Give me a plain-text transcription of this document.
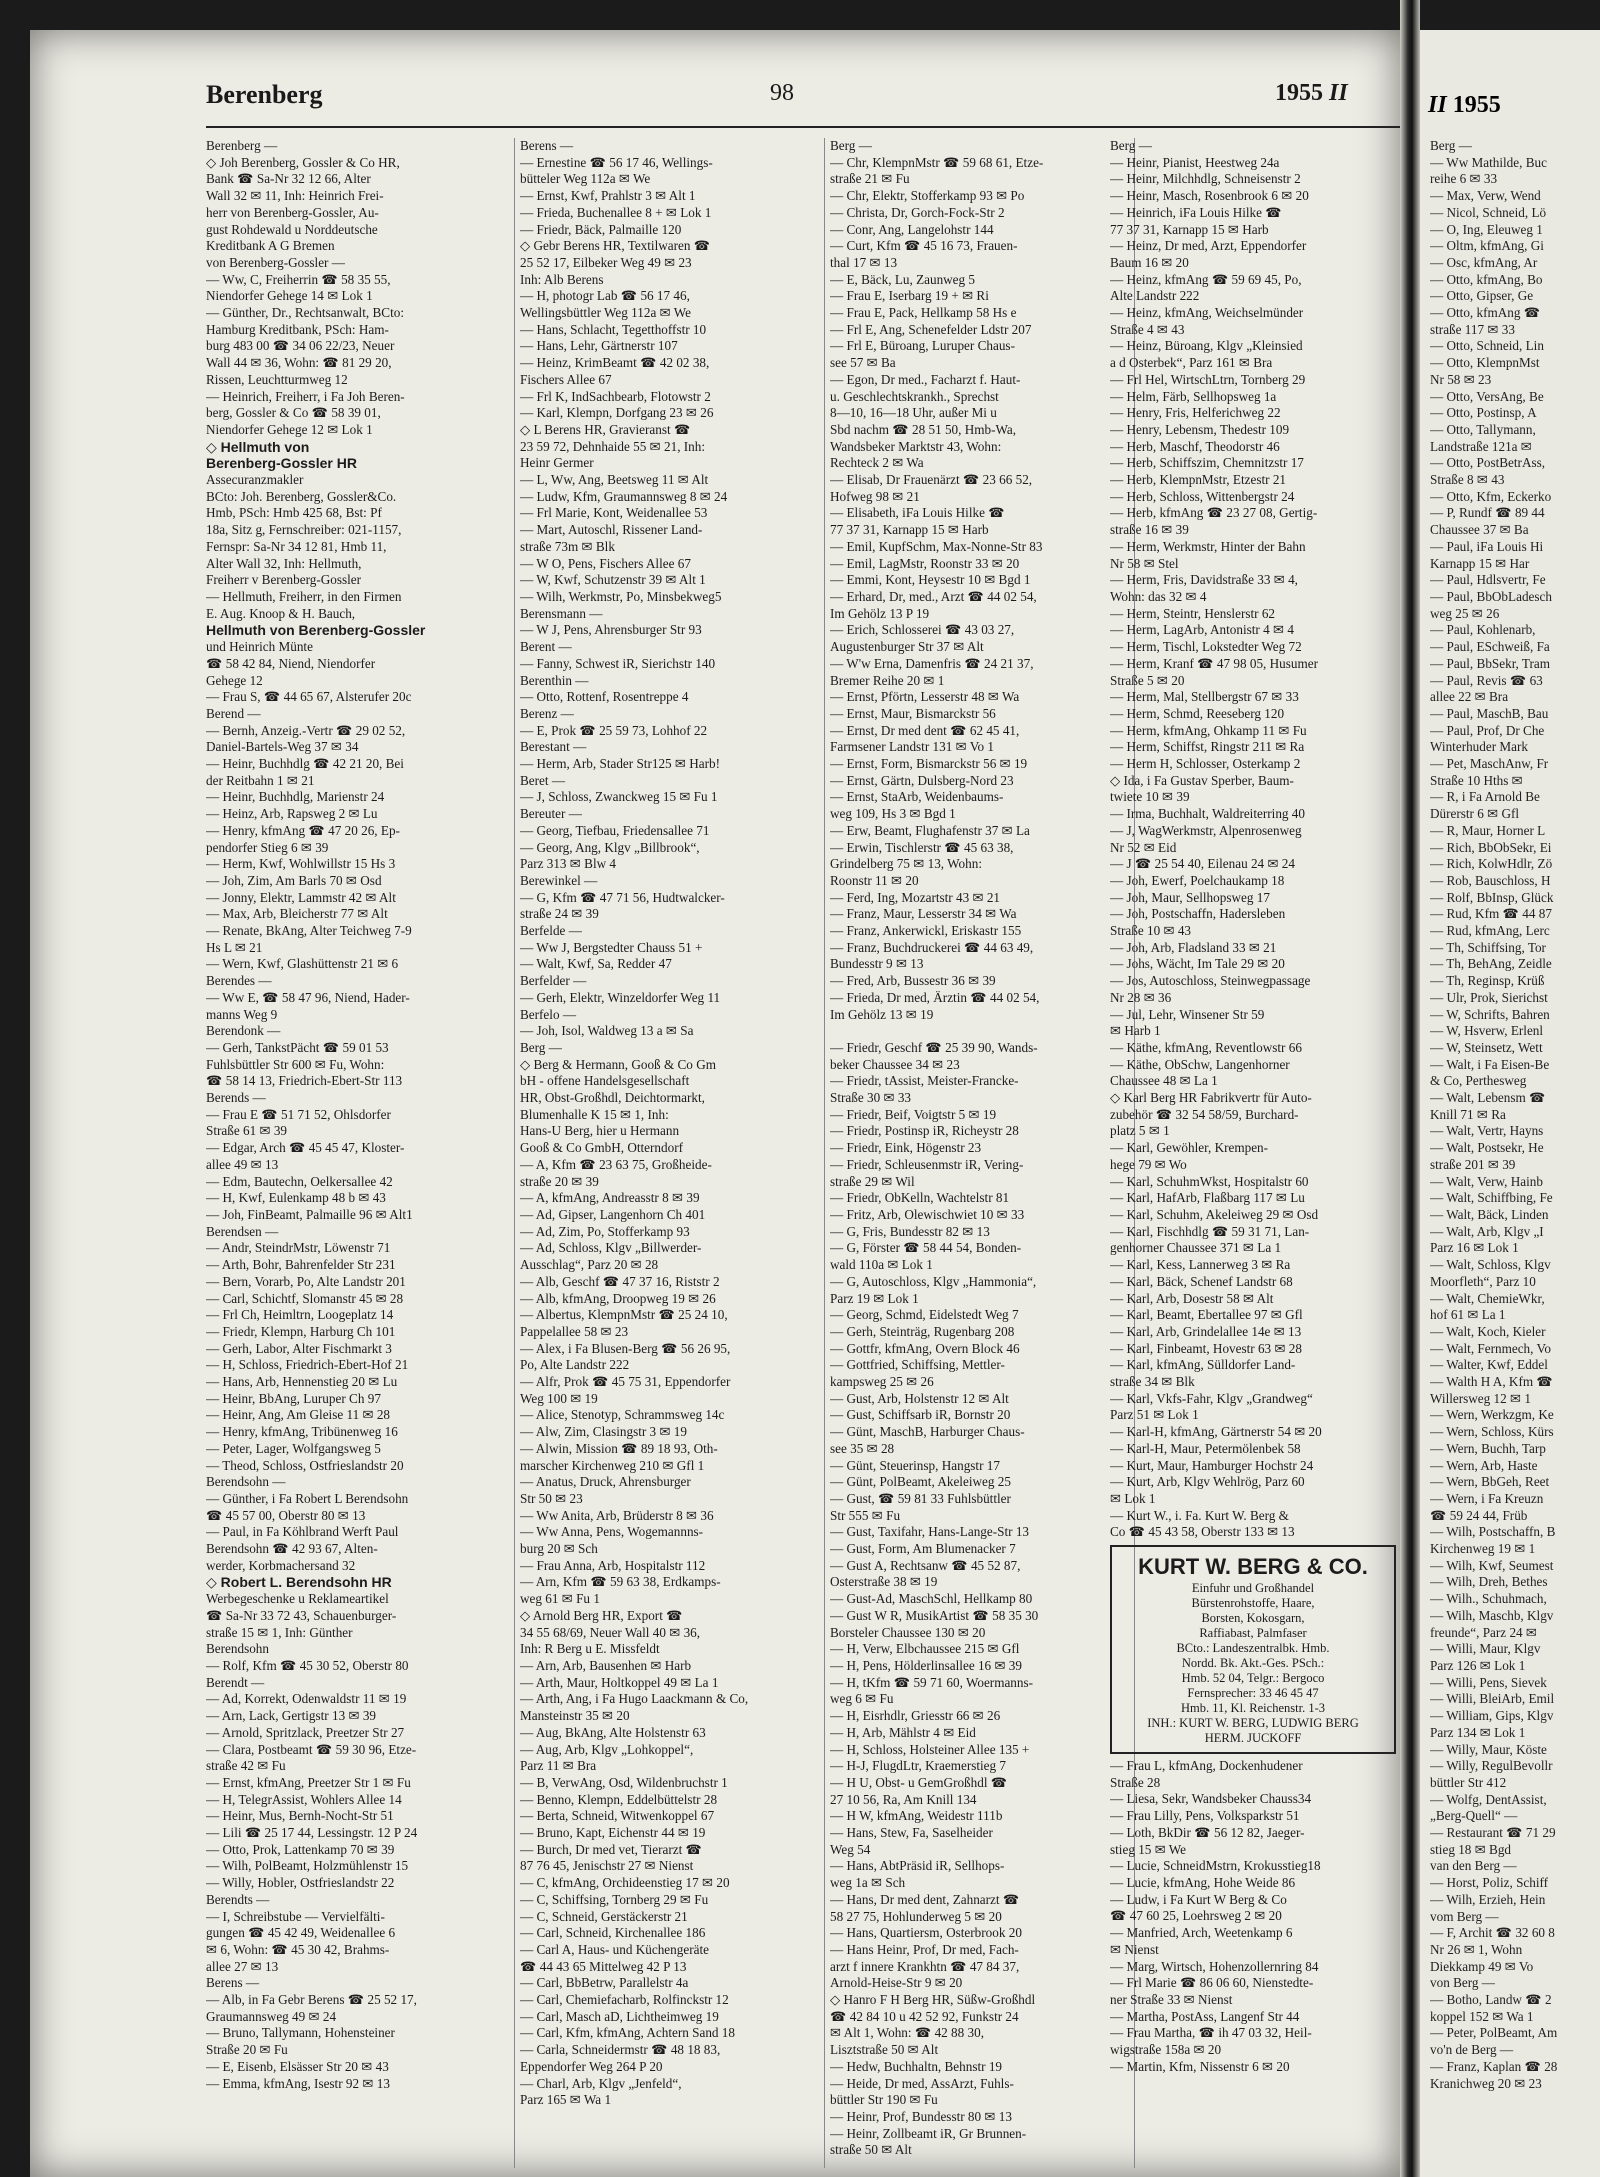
Berenberg	98	1955 II
Berenberg —
◇ Joh Berenberg, Gossler & Co HR,
Bank ☎ Sa-Nr 32 12 66, Alter
Wall 32 ✉ 11, Inh: Heinrich Frei-
herr von Berenberg-Gossler, Au-
gust Rohdewald u Norddeutsche
Kreditbank A G Bremen
von Berenberg-Gossler —
— Ww, C, Freiherrin ☎ 58 35 55,
Niendorfer Gehege 14 ✉ Lok 1
— Günther, Dr., Rechtsanwalt, BCto:
Hamburg Kreditbank, PSch: Ham-
burg 483 00 ☎ 34 06 22/23, Neuer
Wall 44 ✉ 36, Wohn: ☎ 81 29 20,
Rissen, Leuchtturmweg 12
— Heinrich, Freiherr, i Fa Joh Beren-
berg, Gossler & Co ☎ 58 39 01,
Niendorfer Gehege 12 ✉ Lok 1
◇ Hellmuth von
Berenberg-Gossler HR
Assecuranzmakler
BCto: Joh. Berenberg, Gossler&Co.
Hmb, PSch: Hmb 425 68, Bst: Pf
18a, Sitz g, Fernschreiber: 021-1157,
Fernspr: Sa-Nr 34 12 81, Hmb 11,
Alter Wall 32, Inh: Hellmuth,
Freiherr v Berenberg-Gossler
— Hellmuth, Freiherr, in den Firmen
E. Aug. Knoop & H. Bauch,
Hellmuth von Berenberg-Gossler
und Heinrich Münte
☎ 58 42 84, Niend, Niendorfer
Gehege 12
— Frau S, ☎ 44 65 67, Alsterufer 20c
Berend —
— Bernh, Anzeig.-Vertr ☎ 29 02 52,
Daniel-Bartels-Weg 37 ✉ 34
— Heinr, Buchhdlg ☎ 42 21 20, Bei
der Reitbahn 1 ✉ 21
— Heinr, Buchhdlg, Marienstr 24
— Heinz, Arb, Rapsweg 2 ✉ Lu
— Henry, kfmAng ☎ 47 20 26, Ep-
pendorfer Stieg 6 ✉ 39
— Herm, Kwf, Wohlwillstr 15 Hs 3
— Joh, Zim, Am Barls 70 ✉ Osd
— Jonny, Elektr, Lammstr 42 ✉ Alt
— Max, Arb, Bleicherstr 77 ✉ Alt
— Renate, BkAng, Alter Teichweg 7-9
Hs L ✉ 21
— Wern, Kwf, Glashüttenstr 21 ✉ 6
Berendes —
— Ww E, ☎ 58 47 96, Niend, Hader-
manns Weg 9
Berendonk —
— Gerh, TankstPächt ☎ 59 01 53
Fuhlsbüttler Str 600 ✉ Fu, Wohn:
☎ 58 14 13, Friedrich-Ebert-Str 113
Berends —
— Frau E ☎ 51 71 52, Ohlsdorfer
Straße 61 ✉ 39
— Edgar, Arch ☎ 45 45 47, Kloster-
allee 49 ✉ 13
— Edm, Bautechn, Oelkersallee 42
— H, Kwf, Eulenkamp 48 b ✉ 43
— Joh, FinBeamt, Palmaille 96 ✉ Alt1
Berendsen —
— Andr, SteindrMstr, Löwenstr 71
— Arth, Bohr, Bahrenfelder Str 231
— Bern, Vorarb, Po, Alte Landstr 201
— Carl, Schichtf, Slomanstr 45 ✉ 28
— Frl Ch, Heimltrn, Loogeplatz 14
— Friedr, Klempn, Harburg Ch 101
— Gerh, Labor, Alter Fischmarkt 3
— H, Schloss, Friedrich-Ebert-Hof 21
— Hans, Arb, Hennenstieg 20 ✉ Lu
— Heinr, BbAng, Luruper Ch 97
— Heinr, Ang, Am Gleise 11 ✉ 28
— Henry, kfmAng, Tribünenweg 16
— Peter, Lager, Wolfgangsweg 5
— Theod, Schloss, Ostfrieslandstr 20
Berendsohn —
— Günther, i Fa Robert L Berendsohn
☎ 45 57 00, Oberstr 80 ✉ 13
— Paul, in Fa Köhlbrand Werft Paul
Berendsohn ☎ 42 93 67, Alten-
werder, Korbmachersand 32
◇ Robert L. Berendsohn HR
Werbegeschenke u Reklameartikel
☎ Sa-Nr 33 72 43, Schauenburger-
straße 15 ✉ 1, Inh: Günther
Berendsohn
— Rolf, Kfm ☎ 45 30 52, Oberstr 80
Berendt —
— Ad, Korrekt, Odenwaldstr 11 ✉ 19
— Arn, Lack, Gertigstr 13 ✉ 39
— Arnold, Spritzlack, Preetzer Str 27
— Clara, Postbeamt ☎ 59 30 96, Etze-
straße 42 ✉ Fu
— Ernst, kfmAng, Preetzer Str 1 ✉ Fu
— H, TelegrAssist, Wohlers Allee 14
— Heinr, Mus, Bernh-Nocht-Str 51
— Lili ☎ 25 17 44, Lessingstr. 12 P 24
— Otto, Prok, Lattenkamp 70 ✉ 39
— Wilh, PolBeamt, Holzmühlenstr 15
— Willy, Hobler, Ostfrieslandstr 22
Berendts —
— I, Schreibstube — Vervielfälti-
gungen ☎ 45 42 49, Weidenallee 6
✉ 6, Wohn: ☎ 45 30 42, Brahms-
allee 27 ✉ 13
Berens —
— Alb, in Fa Gebr Berens ☎ 25 52 17,
Graumannsweg 49 ✉ 24
— Bruno, Tallymann, Hohensteiner
Straße 20 ✉ Fu
— E, Eisenb, Elsässer Str 20 ✉ 43
— Emma, kfmAng, Isestr 92 ✉ 13
Berens —
— Ernestine ☎ 56 17 46, Wellings-
bütteler Weg 112a ✉ We
— Ernst, Kwf, Prahlstr 3 ✉ Alt 1
— Frieda, Buchenallee 8 + ✉ Lok 1
— Friedr, Bäck, Palmaille 120
◇ Gebr Berens HR, Textilwaren ☎
25 52 17, Eilbeker Weg 49 ✉ 23
Inh: Alb Berens
— H, photogr Lab ☎ 56 17 46,
Wellingsbüttler Weg 112a ✉ We
— Hans, Schlacht, Tegetthoffstr 10
— Hans, Lehr, Gärtnerstr 107
— Heinz, KrimBeamt ☎ 42 02 38,
Fischers Allee 67
— Frl K, IndSachbearb, Flotowstr 2
— Karl, Klempn, Dorfgang 23 ✉ 26
◇ L Berens HR, Gravieranst ☎
23 59 72, Dehnhaide 55 ✉ 21, Inh:
Heinr Germer
— L, Ww, Ang, Beetsweg 11 ✉ Alt
— Ludw, Kfm, Graumannsweg 8 ✉ 24
— Frl Marie, Kont, Weidenallee 53
— Mart, Autoschl, Rissener Land-
straße 73m ✉ Blk
— W O, Pens, Fischers Allee 67
— W, Kwf, Schutzenstr 39 ✉ Alt 1
— Wilh, Werkmstr, Po, Minsbekweg5
Berensmann —
— W J, Pens, Ahrensburger Str 93
Berent —
— Fanny, Schwest iR, Sierichstr 140
Berenthin —
— Otto, Rottenf, Rosentreppe 4
Berenz —
— E, Prok ☎ 25 59 73, Lohhof 22
Berestant —
— Herm, Arb, Stader Str125 ✉ Harb!
Beret —
— J, Schloss, Zwanckweg 15 ✉ Fu 1
Bereuter —
— Georg, Tiefbau, Friedensallee 71
— Georg, Ang, Klgv „Billbrook“,
Parz 313 ✉ Blw 4
Berewinkel —
— G, Kfm ☎ 47 71 56, Hudtwalcker-
straße 24 ✉ 39
Berfelde —
— Ww J, Bergstedter Chauss 51 +
— Walt, Kwf, Sa, Redder 47
Berfelder —
— Gerh, Elektr, Winzeldorfer Weg 11
Berfelo —
— Joh, Isol, Waldweg 13 a ✉ Sa
Berg —
◇ Berg & Hermann, Gooß & Co Gm
bH - offene Handelsgesellschaft
HR, Obst-Großhdl, Deichtormarkt,
Blumenhalle K 15 ✉ 1, Inh:
Hans-U Berg, hier u Hermann
Gooß & Co GmbH, Otterndorf
— A, Kfm ☎ 23 63 75, Großheide-
straße 20 ✉ 39
— A, kfmAng, Andreasstr 8 ✉ 39
— Ad, Gipser, Langenhorn Ch 401
— Ad, Zim, Po, Stofferkamp 93
— Ad, Schloss, Klgv „Billwerder-
Ausschlag“, Parz 20 ✉ 28
— Alb, Geschf ☎ 47 37 16, Riststr 2
— Alb, kfmAng, Droopweg 19 ✉ 26
— Albertus, KlempnMstr ☎ 25 24 10,
Pappelallee 58 ✉ 23
— Alex, i Fa Blusen-Berg ☎ 56 26 95,
Po, Alte Landstr 222
— Alfr, Prok ☎ 45 75 31, Eppendorfer
Weg 100 ✉ 19
— Alice, Stenotyp, Schrammsweg 14c
— Alw, Zim, Clasingstr 3 ✉ 19
— Alwin, Mission ☎ 89 18 93, Oth-
marscher Kirchenweg 210 ✉ Gfl 1
— Anatus, Druck, Ahrensburger
Str 50 ✉ 23
— Ww Anita, Arb, Brüderstr 8 ✉ 36
— Ww Anna, Pens, Wogemannns-
burg 20 ✉ Sch
— Frau Anna, Arb, Hospitalstr 112
— Arn, Kfm ☎ 59 63 38, Erdkamps-
weg 61 ✉ Fu 1
◇ Arnold Berg HR, Export ☎
34 55 68/69, Neuer Wall 40 ✉ 36,
Inh: R Berg u E. Missfeldt
— Arn, Arb, Bausenhen ✉ Harb
— Arth, Maur, Holtkoppel 49 ✉ La 1
— Arth, Ang, i Fa Hugo Laackmann & Co,
Mansteinstr 35 ✉ 20
— Aug, BkAng, Alte Holstenstr 63
— Aug, Arb, Klgv „Lohkoppel“,
Parz 11 ✉ Bra
— B, VerwAng, Osd, Wildenbruchstr 1
— Benno, Klempn, Eddelbüttelstr 28
— Berta, Schneid, Witwenkoppel 67
— Bruno, Kapt, Eichenstr 44 ✉ 19
— Burch, Dr med vet, Tierarzt ☎
87 76 45, Jenischstr 27 ✉ Nienst
— C, kfmAng, Orchideenstieg 17 ✉ 20
— C, Schiffsing, Tornberg 29 ✉ Fu
— C, Schneid, Gerstäckerstr 21
— Carl, Schneid, Kirchenallee 186
— Carl A, Haus- und Küchengeräte
☎ 44 43 65 Mittelweg 42 P 13
— Carl, BbBetrw, Parallelstr 4a
— Carl, Chemiefacharb, Rolfinckstr 12
— Carl, Masch aD, Lichtheimweg 19
— Carl, Kfm, kfmAng, Achtern Sand 18
— Carla, Schneidermstr ☎ 48 18 83,
Eppendorfer Weg 264 P 20
— Charl, Arb, Klgv „Jenfeld“,
Parz 165 ✉ Wa 1
Berg —
— Chr, KlempnMstr ☎ 59 68 61, Etze-
straße 21 ✉ Fu
— Chr, Elektr, Stofferkamp 93 ✉ Po
— Christa, Dr, Gorch-Fock-Str 2
— Conr, Ang, Langelohstr 144
— Curt, Kfm ☎ 45 16 73, Frauen-
thal 17 ✉ 13
— E, Bäck, Lu, Zaunweg 5
— Frau E, Iserbarg 19 + ✉ Ri
— Frau E, Pack, Hellkamp 58 Hs e
— Frl E, Ang, Schenefelder Ldstr 207
— Frl E, Büroang, Luruper Chaus-
see 57 ✉ Ba
— Egon, Dr med., Facharzt f. Haut-
u. Geschlechtskrankh., Sprechst
8—10, 16—18 Uhr, außer Mi u
Sbd nachm ☎ 28 51 50, Hmb-Wa,
Wandsbeker Marktstr 43, Wohn:
Rechteck 2 ✉ Wa
— Elisab, Dr Frauenärzt ☎ 23 66 52,
Hofweg 98 ✉ 21
— Elisabeth, iFa Louis Hilke ☎
77 37 31, Karnapp 15 ✉ Harb
— Emil, KupfSchm, Max-Nonne-Str 83
— Emil, LagMstr, Roonstr 33 ✉ 20
— Emmi, Kont, Heysestr 10 ✉ Bgd 1
— Erhard, Dr, med., Arzt ☎ 44 02 54,
Im Gehölz 13 P 19
— Erich, Schlosserei ☎ 43 03 27,
Augustenburger Str 37 ✉ Alt
— W'w Erna, Damenfris ☎ 24 21 37,
Bremer Reihe 20 ✉ 1
— Ernst, Pförtn, Lesserstr 48 ✉ Wa
— Ernst, Maur, Bismarckstr 56
— Ernst, Dr med dent ☎ 62 45 41,
Farmsener Landstr 131 ✉ Vo 1
— Ernst, Form, Bismarckstr 56 ✉ 19
— Ernst, Gärtn, Dulsberg-Nord 23
— Ernst, StaArb, Weidenbaums-
weg 109, Hs 3 ✉ Bgd 1
— Erw, Beamt, Flughafenstr 37 ✉ La
— Erwin, Tischlerstr ☎ 45 63 38,
Grindelberg 75 ✉ 13, Wohn:
Roonstr 11 ✉ 20
— Ferd, Ing, Mozartstr 43 ✉ 21
— Franz, Maur, Lesserstr 34 ✉ Wa
— Franz, Ankerwickl, Eriskastr 155
— Franz, Buchdruckerei ☎ 44 63 49,
Bundesstr 9 ✉ 13
— Fred, Arb, Bussestr 36 ✉ 39
— Frieda, Dr med, Ärztin ☎ 44 02 54,
Im Gehölz 13 ✉ 19

— Friedr, Geschf ☎ 25 39 90, Wands-
beker Chaussee 34 ✉ 23
— Friedr, tAssist, Meister-Francke-
Straße 30 ✉ 33
— Friedr, Beif, Voigtstr 5 ✉ 19
— Friedr, Postinsp iR, Richeystr 28
— Friedr, Eink, Högenstr 23
— Friedr, Schleusenmstr iR, Vering-
straße 29 ✉ Wil
— Friedr, ObKelln, Wachtelstr 81
— Fritz, Arb, Olewischwiet 10 ✉ 33
— G, Fris, Bundesstr 82 ✉ 13
— G, Förster ☎ 58 44 54, Bonden-
wald 110a ✉ Lok 1
— G, Autoschloss, Klgv „Hammonia“,
Parz 19 ✉ Lok 1
— Georg, Schmd, Eidelstedt Weg 7
— Gerh, Steinträg, Rugenbarg 208
— Gottfr, kfmAng, Overn Block 46
— Gottfried, Schiffsing, Mettler-
kampsweg 25 ✉ 26
— Gust, Arb, Holstenstr 12 ✉ Alt
— Gust, Schiffsarb iR, Bornstr 20
— Günt, MaschB, Harburger Chaus-
see 35 ✉ 28
— Günt, Steuerinsp, Hangstr 17
— Günt, PolBeamt, Akeleiweg 25
— Gust, ☎ 59 81 33 Fuhlsbüttler
Str 555 ✉ Fu
— Gust, Taxifahr, Hans-Lange-Str 13
— Gust, Form, Am Blumenacker 7
— Gust A, Rechtsanw ☎ 45 52 87,
Osterstraße 38 ✉ 19
— Gust-Ad, MaschSchl, Hellkamp 80
— Gust W R, MusikArtist ☎ 58 35 30
Borsteler Chaussee 130 ✉ 20
— H, Verw, Elbchaussee 215 ✉ Gfl
— H, Pens, Hölderlinsallee 16 ✉ 39
— H, tKfm ☎ 59 71 60, Woermanns-
weg 6 ✉ Fu
— H, Eisrhdlr, Griesstr 66 ✉ 26
— H, Arb, Mählstr 4 ✉ Eid
— H, Schloss, Holsteiner Allee 135 +
— H-J, FlugdLtr, Kraemerstieg 7
— H U, Obst- u GemGroßhdl ☎
27 10 56, Ra, Am Knill 134
— H W, kfmAng, Weidestr 111b
— Hans, Stew, Fa, Saselheider
Weg 54
— Hans, AbtPräsid iR, Sellhops-
weg 1a ✉ Sch
— Hans, Dr med dent, Zahnarzt ☎
58 27 75, Hohlunderweg 5 ✉ 20
— Hans, Quartiersm, Osterbrook 20
— Hans Heinr, Prof, Dr med, Fach-
arzt f innere Krankhtn ☎ 47 84 37,
Arnold-Heise-Str 9 ✉ 20
◇ Hanro F H Berg HR, Süßw-Großhdl
☎ 42 84 10 u 42 52 92, Funkstr 24
✉ Alt 1, Wohn: ☎ 42 88 30,
Lisztstraße 50 ✉ Alt
— Hedw, Buchhaltn, Behnstr 19
— Heide, Dr med, AssArzt, Fuhls-
büttler Str 190 ✉ Fu
— Heinr, Prof, Bundesstr 80 ✉ 13
— Heinr, Zollbeamt iR, Gr Brunnen-
straße 50 ✉ Alt
Berg —
— Heinr, Pianist, Heestweg 24a
— Heinr, Milchhdlg, Schneisenstr 2
— Heinr, Masch, Rosenbrook 6 ✉ 20
— Heinrich, iFa Louis Hilke ☎
77 37 31, Karnapp 15 ✉ Harb
— Heinz, Dr med, Arzt, Eppendorfer
Baum 16 ✉ 20
— Heinz, kfmAng ☎ 59 69 45, Po,
Alte Landstr 222
— Heinz, kfmAng, Weichselmünder
Straße 4 ✉ 43
— Heinz, Büroang, Klgv „Kleinsied
a d Osterbek“, Parz 161 ✉ Bra
— Frl Hel, WirtschLtrn, Tornberg 29
— Helm, Färb, Sellhopsweg 1a
— Henry, Fris, Helferichweg 22
— Henry, Lebensm, Thedestr 109
— Herb, Maschf, Theodorstr 46
— Herb, Schiffszim, Chemnitzstr 17
— Herb, KlempnMstr, Etzestr 21
— Herb, Schloss, Wittenbergstr 24
— Herb, kfmAng ☎ 23 27 08, Gertig-
straße 16 ✉ 39
— Herm, Werkmstr, Hinter der Bahn
Nr 58 ✉ Stel
— Herm, Fris, Davidstraße 33 ✉ 4,
Wohn: das 32 ✉ 4
— Herm, Steintr, Henslerstr 62
— Herm, LagArb, Antonistr 4 ✉ 4
— Herm, Tischl, Lokstedter Weg 72
— Herm, Kranf ☎ 47 98 05, Husumer
Straße 5 ✉ 20
— Herm, Mal, Stellbergstr 67 ✉ 33
— Herm, Schmd, Reeseberg 120
— Herm, kfmAng, Ohkamp 11 ✉ Fu
— Herm, Schiffst, Ringstr 211 ✉ Ra
— Herm H, Schlosser, Osterkamp 2
◇ Ida, i Fa Gustav Sperber, Baum-
twiete 10 ✉ 39
— Irma, Buchhalt, Waldreiterring 40
— J, WagWerkmstr, Alpenrosenweg
Nr 52 ✉ Eid
— J ☎ 25 54 40, Eilenau 24 ✉ 24
— Joh, Ewerf, Poelchaukamp 18
— Joh, Maur, Sellhopsweg 17
— Joh, Postschaffn, Hadersleben
Straße 10 ✉ 43
— Joh, Arb, Fladsland 33 ✉ 21
— Johs, Wächt, Im Tale 29 ✉ 20
— Jos, Autoschloss, Steinwegpassage
Nr 28 ✉ 36
— Jul, Lehr, Winsener Str 59
✉ Harb 1
— Käthe, kfmAng, Reventlowstr 66
— Käthe, ObSchw, Langenhorner
Chaussee 48 ✉ La 1
◇ Karl Berg HR Fabrikvertr für Auto-
zubehör ☎ 32 54 58/59, Burchard-
platz 5 ✉ 1
— Karl, Gewöhler, Krempen-
hege 79 ✉ Wo
— Karl, SchuhmWkst, Hospitalstr 60
— Karl, HafArb, Flaßbarg 117 ✉ Lu
— Karl, Schuhm, Akeleiweg 29 ✉ Osd
— Karl, Fischhdlg ☎ 59 31 71, Lan-
genhorner Chaussee 371 ✉ La 1
— Karl, Kess, Lannerweg 3 ✉ Ra
— Karl, Bäck, Schenef Landstr 68
— Karl, Arb, Dosestr 58 ✉ Alt
— Karl, Beamt, Ebertallee 97 ✉ Gfl
— Karl, Arb, Grindelallee 14e ✉ 13
— Karl, Finbeamt, Hovestr 63 ✉ 28
— Karl, kfmAng, Sülldorfer Land-
straße 34 ✉ Blk
— Karl, Vkfs-Fahr, Klgv „Grandweg“
Parz 51 ✉ Lok 1
— Karl-H, kfmAng, Gärtnerstr 54 ✉ 20
— Karl-H, Maur, Petermölenbek 58
— Kurt, Maur, Hamburger Hochstr 24
— Kurt, Arb, Klgv Wehlrög, Parz 60
✉ Lok 1
— Kurt W., i. Fa. Kurt W. Berg &
Co ☎ 45 43 58, Oberstr 133 ✉ 13
KURT W. BERG & CO.
Einfuhr und Großhandel
Bürstenrohstoffe, Haare,
Borsten, Kokosgarn,
Raffiabast, Palmfaser
BCto.: Landeszentralbk. Hmb.
Nordd. Bk. Akt.-Ges. PSch.:
Hmb. 52 04, Telgr.: Bergoco
Fernsprecher: 33 46 45 47
Hmb. 11, Kl. Reichenstr. 1-3
INH.: KURT W. BERG, LUDWIG BERG
HERM. JUCKOFF
— Frau L, kfmAng, Dockenhudener
Straße 28
— Liesa, Sekr, Wandsbeker Chauss34
— Frau Lilly, Pens, Volksparkstr 51
— Loth, BkDir ☎ 56 12 82, Jaeger-
stieg 15 ✉ We
— Lucie, SchneidMstrn, Krokusstieg18
— Lucie, kfmAng, Hohe Weide 86
— Ludw, i Fa Kurt W Berg & Co
☎ 47 60 25, Loehrsweg 2 ✉ 20
— Manfried, Arch, Weetenkamp 6
✉ Nienst
— Marg, Wirtsch, Hohenzollernring 84
— Frl Marie ☎ 86 06 60, Nienstedte-
ner Straße 33 ✉ Nienst
— Martha, PostAss, Langenf Str 44
— Frau Martha, ☎ ih 47 03 32, Heil-
wigstraße 158a ✉ 20
— Martin, Kfm, Nissenstr 6 ✉ 20
II 1955
Berg —
— Ww Mathilde, Buc
reihe 6 ✉ 33
— Max, Verw, Wend
— Nicol, Schneid, Lö
— O, Ing, Eleuweg 1
— Oltm, kfmAng, Gi
— Osc, kfmAng, Ar
— Otto, kfmAng, Bo
— Otto, Gipser, Ge
— Otto, kfmAng ☎
straße 117 ✉ 33
— Otto, Schneid, Lin
— Otto, KlempnMst
Nr 58 ✉ 23
— Otto, VersAng, Be
— Otto, Postinsp, A
— Otto, Tallymann,
Landstraße 121a ✉
— Otto, PostBetrAss,
Straße 8 ✉ 43
— Otto, Kfm, Eckerko
— P, Rundf ☎ 89 44
Chaussee 37 ✉ Ba
— Paul, iFa Louis Hi
Karnapp 15 ✉ Har
— Paul, Hdlsvertr, Fe
— Paul, BbObLadesch
weg 25 ✉ 26
— Paul, Kohlenarb,
— Paul, ESchweiß, Fa
— Paul, BbSekr, Tram
— Paul, Revis ☎ 63
allee 22 ✉ Bra
— Paul, MaschB, Bau
— Paul, Prof, Dr Che
Winterhuder Mark
— Pet, MaschAnw, Fr
Straße 10 Hths ✉
— R, i Fa Arnold Be
Dürerstr 6 ✉ Gfl
— R, Maur, Horner L
— Rich, BbObSekr, Ei
— Rich, KolwHdlr, Zö
— Rob, Bauschloss, H
— Rolf, BbInsp, Glück
— Rud, Kfm ☎ 44 87
— Rud, kfmAng, Lerc
— Th, Schiffsing, Tor
— Th, BehAng, Zeidle
— Th, Reginsp, Krüß
— Ulr, Prok, Sierichst
— W, Schrifts, Bahren
— W, Hsverw, Erlenl
— W, Steinsetz, Wett
— Walt, i Fa Eisen-Be
& Co, Perthesweg
— Walt, Lebensm ☎
Knill 71 ✉ Ra
— Walt, Vertr, Hayns
— Walt, Postsekr, He
straße 201 ✉ 39
— Walt, Verw, Hainb
— Walt, Schiffbing, Fe
— Walt, Bäck, Linden
— Walt, Arb, Klgv „I
Parz 16 ✉ Lok 1
— Walt, Schloss, Klgv
Moorfleth“, Parz 10
— Walt, ChemieWkr,
hof 61 ✉ La 1
— Walt, Koch, Kieler
— Walt, Fernmech, Vo
— Walter, Kwf, Eddel
— Walth H A, Kfm ☎
Willersweg 12 ✉ 1
— Wern, Werkzgm, Ke
— Wern, Schloss, Kürs
— Wern, Buchh, Tarp
— Wern, Arb, Haste
— Wern, BbGeh, Reet
— Wern, i Fa Kreuzn
☎ 59 24 44, Früb
— Wilh, Postschaffn, B
Kirchenweg 19 ✉ 1
— Wilh, Kwf, Seumest
— Wilh, Dreh, Bethes
— Wilh., Schuhmach,
— Wilh, Maschb, Klgv
freunde“, Parz 24 ✉
— Willi, Maur, Klgv
Parz 126 ✉ Lok 1
— Willi, Pens, Sievek
— Willi, BleiArb, Emil
— William, Gips, Klgv
Parz 134 ✉ Lok 1
— Willy, Maur, Köste
— Willy, RegulBevollr
büttler Str 412
— Wolfg, DentAssist,
„Berg-Quell“ —
— Restaurant ☎ 71 29
stieg 18 ✉ Bgd
van den Berg —
— Horst, Poliz, Schiff
— Wilh, Erzieh, Hein
vom Berg —
— F, Archit ☎ 32 60 8
Nr 26 ✉ 1, Wohn
Diekkamp 49 ✉ Vo
von Berg —
— Botho, Landw ☎ 2
koppel 152 ✉ Wa 1
— Peter, PolBeamt, Am
vo'n de Berg —
— Franz, Kaplan ☎ 28
Kranichweg 20 ✉ 23
